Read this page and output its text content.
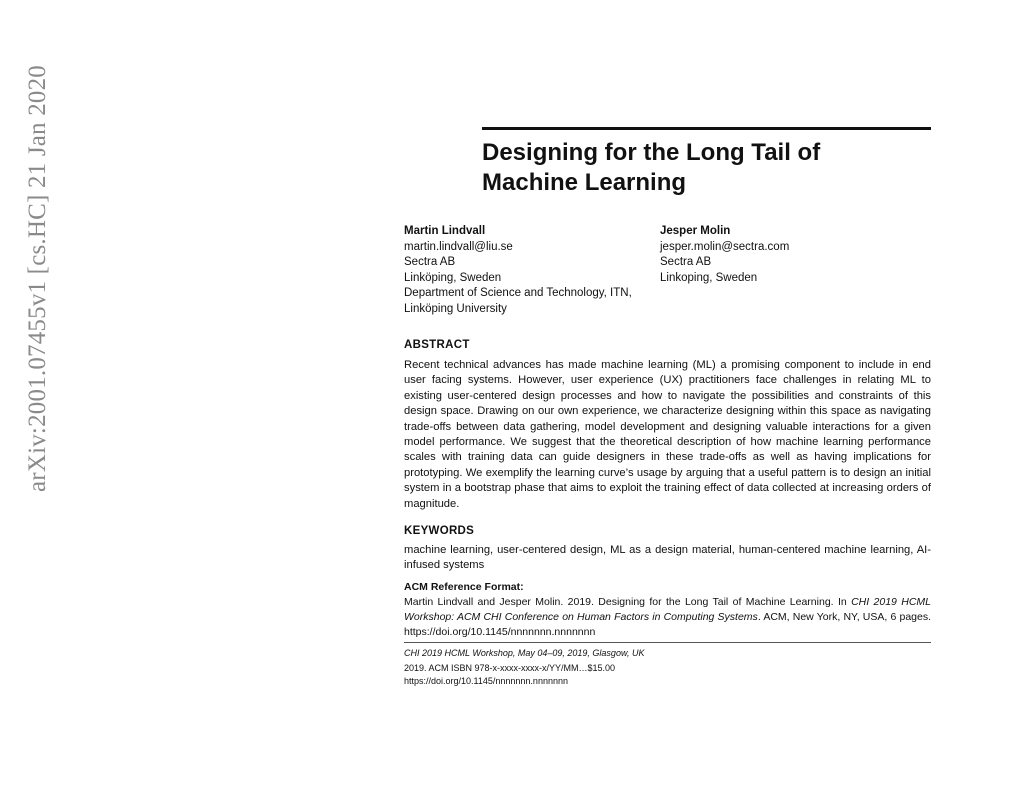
arXiv:2001.07455v1 [cs.HC] 21 Jan 2020	Designing for the Long Tail of
Machine Learning
Martin Lindvall
martin.lindvall@liu.se
Sectra AB
Linköping, Sweden
Department of Science and Technology, ITN,
Linköping University
Jesper Molin
jesper.molin@sectra.com
Sectra AB
Linkoping, Sweden
ABSTRACT
Recent technical advances has made machine learning (ML) a promising component to include in end user facing systems. However, user experience (UX) practitioners face challenges in relating ML to existing user-centered design processes and how to navigate the possibilities and constraints of this design space. Drawing on our own experience, we characterize designing within this space as navigating trade-offs between data gathering, model development and designing valuable interactions for a given model performance. We suggest that the theoretical description of how machine learning performance scales with training data can guide designers in these trade-offs as well as having implications for prototyping. We exemplify the learning curve’s usage by arguing that a useful pattern is to design an initial system in a bootstrap phase that aims to exploit the training effect of data collected at increasing orders of magnitude.
KEYWORDS
machine learning, user-centered design, ML as a design material, human-centered machine learning, AI-infused systems
ACM Reference Format:
Martin Lindvall and Jesper Molin. 2019. Designing for the Long Tail of Machine Learning. In CHI 2019 HCML Workshop: ACM CHI Conference on Human Factors in Computing Systems. ACM, New York, NY, USA, 6 pages. https://doi.org/10.1145/nnnnnnn.nnnnnnn
CHI 2019 HCML Workshop, May 04–09, 2019, Glasgow, UK
2019. ACM ISBN 978-x-xxxx-xxxx-x/YY/MM…$15.00
https://doi.org/10.1145/nnnnnnn.nnnnnnn
